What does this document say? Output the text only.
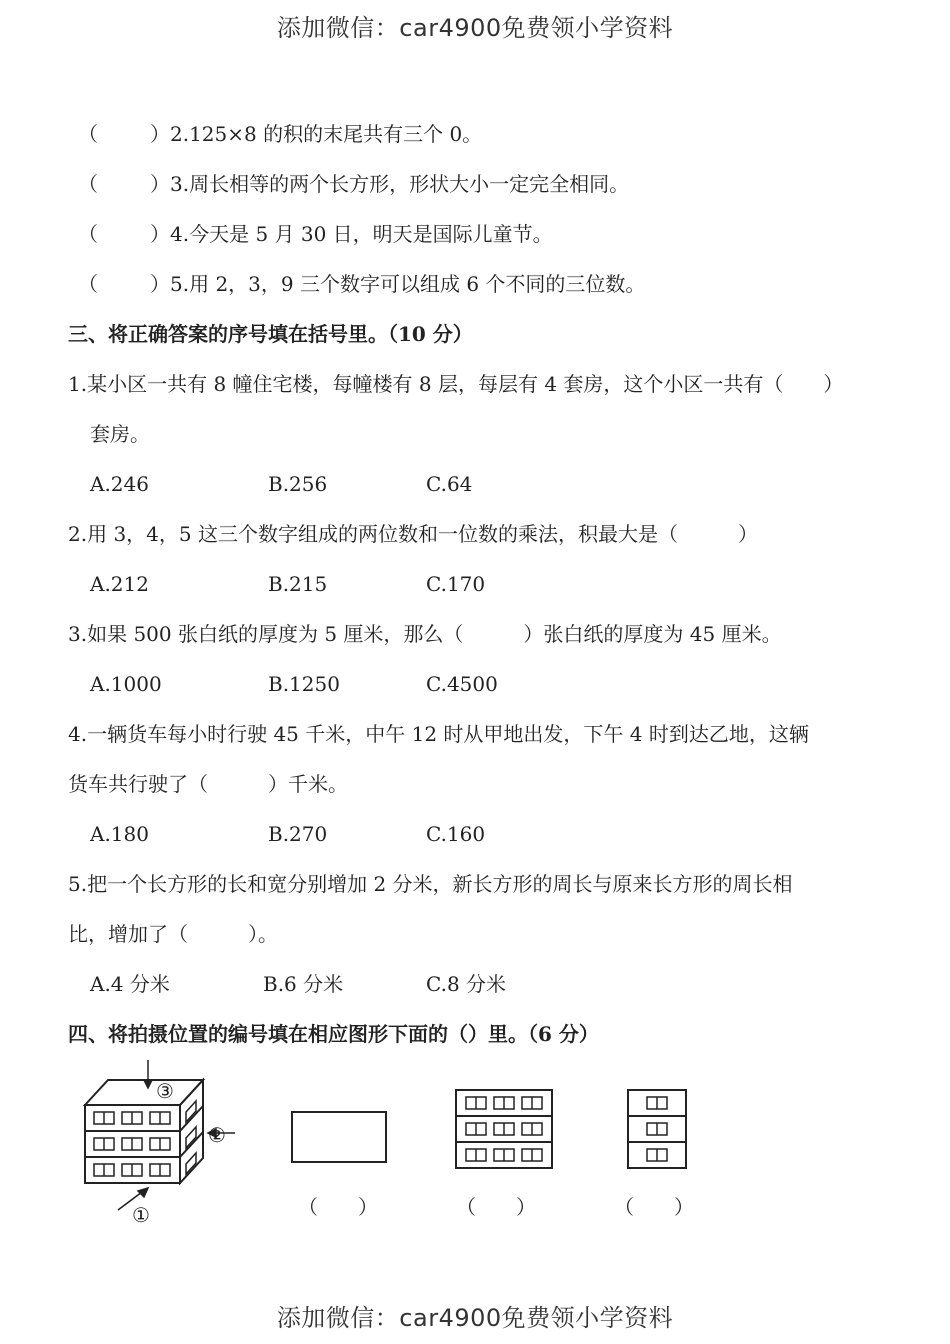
添加微信：car4900免费领小学资料
（	）2.125×8 的积的末尾共有三个 0。
（	）3.周长相等的两个长方形，形状大小一定完全相同。
（	）4.今天是 5 月 30 日，明天是国际儿童节。
（	）5.用 2，3，9 三个数字可以组成 6 个不同的三位数。
三、将正确答案的序号填在括号里。（10 分）
1.某小区一共有 8 幢住宅楼，每幢楼有 8 层，每层有 4 套房，这个小区一共有（　　）
套房。
A.246	B.256	C.64
2.用 3，4，5 这三个数字组成的两位数和一位数的乘法，积最大是（　　　）
A.212	B.215	C.170
3.如果 500 张白纸的厚度为 5 厘米，那么（　　　）张白纸的厚度为 45 厘米。
A.1000	B.1250	C.4500
4.一辆货车每小时行驶 45 千米，中午 12 时从甲地出发，下午 4 时到达乙地，这辆
货车共行驶了（　　　）千米。
A.180	B.270	C.160
5.把一个长方形的长和宽分别增加 2 分米，新长方形的周长与原来长方形的周长相
比，增加了（　　　）。
A.4 分米	B.6 分米	C.8 分米
四、将拍摄位置的编号填在相应图形下面的（）里。（6 分）
③
②
①	（　　）	（　　）	（　　）
添加微信：car4900免费领小学资料
